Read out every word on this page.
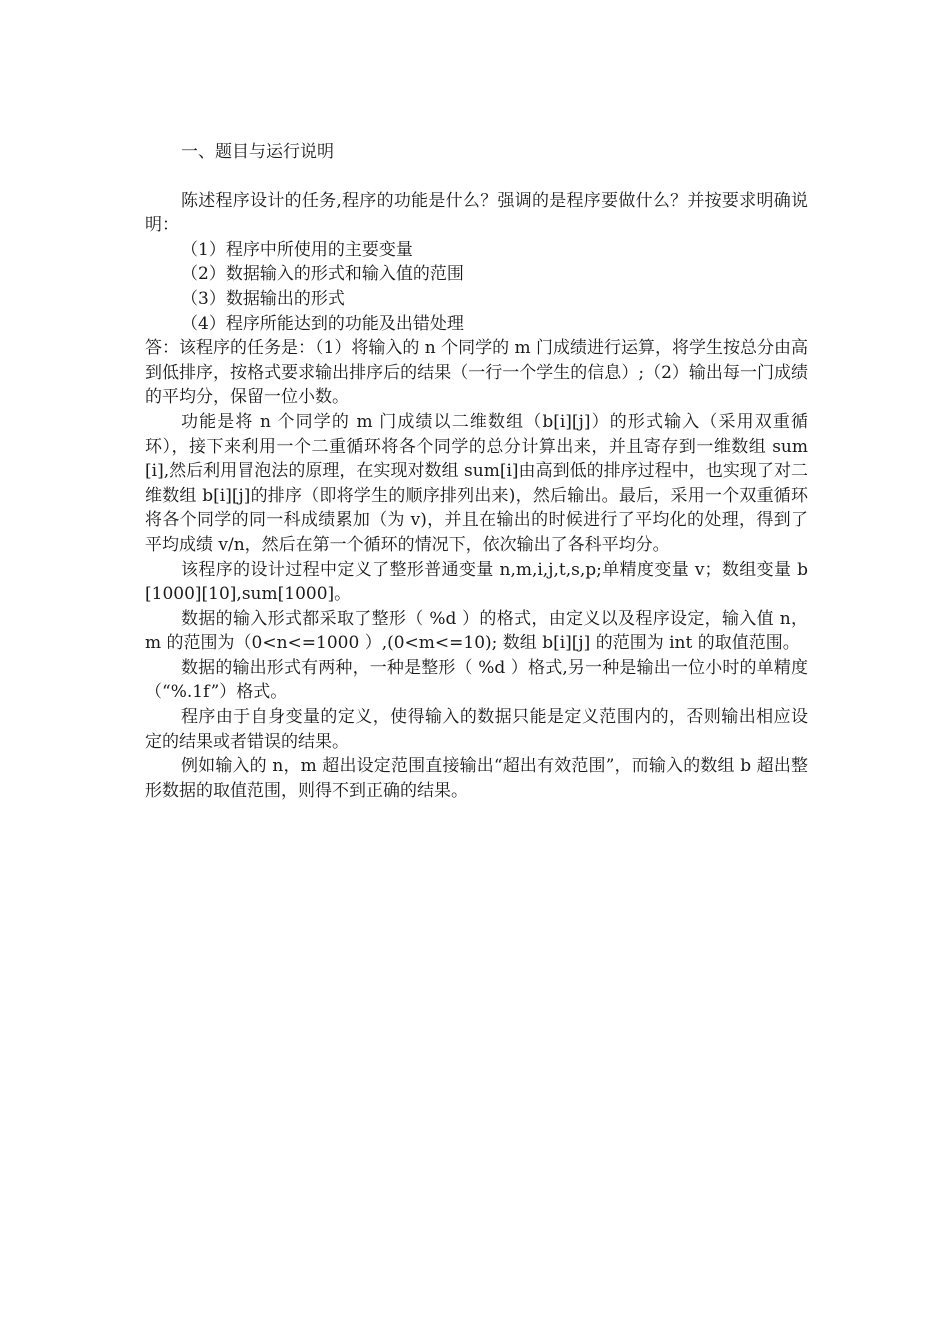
一、题目与运行说明

陈述程序设计的任务,程序的功能是什么？强调的是程序要做什么？并按要求明确说明：

（1）程序中所使用的主要变量

（2）数据输入的形式和输入值的范围

（3）数据输出的形式

（4）程序所能达到的功能及出错处理

答：该程序的任务是：（1）将输入的 n 个同学的 m 门成绩进行运算，将学生按总分由高到低排序，按格式要求输出排序后的结果（一行一个学生的信息）;（2）输出每一门成绩的平均分，保留一位小数。

功能是将 n 个同学的 m 门成绩以二维数组（b[i][j]）的形式输入（采用双重循环），接下来利用一个二重循环将各个同学的总分计算出来，并且寄存到一维数组 sum[i],然后利用冒泡法的原理，在实现对数组 sum[i]由高到低的排序过程中，也实现了对二维数组 b[i][j]的排序（即将学生的顺序排列出来)，然后输出。最后，采用一个双重循环将各个同学的同一科成绩累加（为 v)，并且在输出的时候进行了平均化的处理，得到了平均成绩 v/n，然后在第一个循环的情况下，依次输出了各科平均分。

该程序的设计过程中定义了整形普通变量 n,m,i,j,t,s,p;单精度变量 v；数组变量 b[1000][10],sum[1000]。

数据的输入形式都采取了整形（ %d ）的格式，由定义以及程序设定，输入值 n，m 的范围为（0<n<=1000 ）,(0<m<=10); 数组 b[i][j] 的范围为 int 的取值范围。

数据的输出形式有两种，一种是整形（ %d ）格式,另一种是输出一位小时的单精度（“%.1f”）格式。

程序由于自身变量的定义，使得输入的数据只能是定义范围内的，否则输出相应设定的结果或者错误的结果。

例如输入的 n，m 超出设定范围直接输出“超出有效范围”，而输入的数组 b 超出整形数据的取值范围，则得不到正确的结果。
